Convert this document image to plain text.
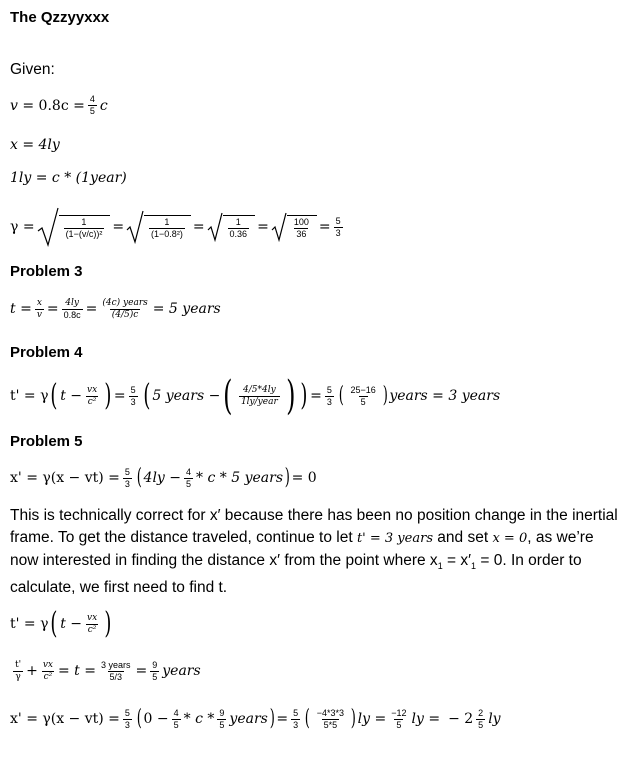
The Qzzyyxxx
Given:
v
= $0.8c = \frac{4}{5}$ c
x = 4ly
1ly = c * (1year)
γ =	$\frac{1}{\text{(1−(v/c))²}}$ =	$\frac{1}{\text{(1−0.8²)}}$ =	$\frac{1}{0.36}$ =	$\frac{100}{36} = \frac{5}{3}$
Problem 3
$t = \frac{x}{v} = \frac{4ly}{0.8c} = \frac{\text{(4c) years}}{(4/5)c} = 5$ years
Problem 4
t' = γ ( $t - \frac{vx}{\text{c²}}$ ) = $\frac{5}{3}$ ( 5 years − ( $\frac{4/5*4ly}{\text{1ly/year}}$ ) ) = $\frac{5}{3}$ ( $\frac{25-16}{5}$ ) years = 3 years
Problem 5
$x' = \gamma(x - vt) = \frac{5}{3}$ ( $4ly - \frac{4}{5} * c * 5$ years ) = 0
This is technically correct for x′ because there has been no position change in the inertial frame. To get the distance traveled, continue to let t' = 3 years and set x = 0, as we’re now interested in finding the distance x′ from the point where $x_1 = x'_1 = 0$. In order to calculate, we first need to find t.
t' = γ ( $t - \frac{vx}{\text{c²}}$ )
$\frac{t'}{\gamma} + \frac{vx}{\text{c²}} = t = \frac{\text{3 years}}{5/3} = \frac{9}{5}$ years
$x' = \gamma(x - vt) = \frac{5}{3}$ ( $0 - \frac{4}{5} * c * \frac{9}{5}$ years ) = $\frac{5}{3}$ ( $\frac{-4*3*3}{5*5}$ ) ly = $\frac{-12}{5}$ ly = − $2 \frac{2}{5}$ ly
